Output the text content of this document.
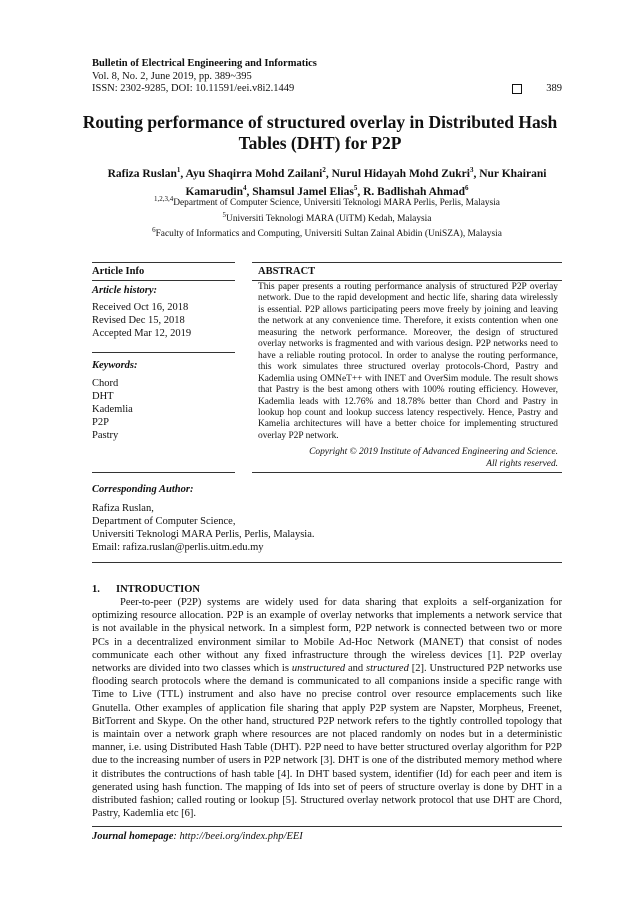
Bulletin of Electrical Engineering and Informatics
Vol. 8, No. 2, June 2019, pp. 389~395
ISSN: 2302-9285, DOI: 10.11591/eei.v8i2.1449	389
Routing performance of structured overlay in Distributed Hash
Tables (DHT) for P2P
Rafiza Ruslan$^1$, Ayu Shaqirra Mohd Zailani$^2$, Nurul Hidayah Mohd Zukri$^3$, Nur Khairani
Kamarudin$^4$, Shamsul Jamel Elias$^5$, R. Badlishah Ahmad$^6$
$^{1,2,3,4}$Department of Computer Science, Universiti Teknologi MARA Perlis, Perlis, Malaysia
$^5$Universiti Teknologi MARA (UiTM) Kedah, Malaysia
$^6$Faculty of Informatics and Computing, Universiti Sultan Zainal Abidin (UniSZA), Malaysia
Article Info	ABSTRACT
Article history:
Received Oct 16, 2018
Revised Dec 15, 2018
Accepted Mar 12, 2019
Keywords:
Chord
DHT
Kademlia
P2P
Pastry
This paper presents a routing performance analysis of structured P2P overlay network. Due to the rapid development and hectic life, sharing data wirelessly is essential. P2P allows participating peers move freely by joining and leaving the network at any convenience time. Therefore, it exists contention when one measuring the network performance. Moreover, the design of structured overlay networks is fragmented and with various design. P2P networks need to have a reliable routing protocol. In order to analyse the routing performance, this work simulates three structured overlay protocols-Chord, Pastry and Kademlia using OMNeT++ with INET and OverSim module. The result shows that Pastry is the best among others with 100% routing efficiency. However, Kademlia leads with 12.76% and 18.78% better than Chord and Pastry in lookup hop count and lookup success latency respectively. Hence, Pastry and Kamelia architectures will have a better choice for implementing structured overlay P2P network.
Copyright © 2019 Institute of Advanced Engineering and Science.
All rights reserved.
Corresponding Author:
Rafiza Ruslan,
Department of Computer Science,
Universiti Teknologi MARA Perlis, Perlis, Malaysia.
Email: rafiza.ruslan@perlis.uitm.edu.my
1. INTRODUCTION
Peer-to-peer (P2P) systems are widely used for data sharing that exploits a self-organization for optimizing resource allocation. P2P is an example of overlay networks that implements a network service that is not available in the physical network. In a simplest form, P2P network is connected between two or more PCs in a decentralized environment similar to Mobile Ad-Hoc Network (MANET) that consist of nodes communicate each other without any fixed infrastructure through the wireless devices [1]. P2P overlay networks are divided into two classes which is unstructured and structured [2]. Unstructured P2P networks use flooding search protocols where the demand is communicated to all companions inside a specific range with Time to Live (TTL) instrument and also have no precise control over resource emplacements such like Gnutella. Other examples of application file sharing that apply P2P system are Napster, Morpheus, Freenet, BitTorrent and Skype. On the other hand, structured P2P network refers to the tightly controlled topology that is maintain over a network graph where resources are not placed randomly on nodes but in a deterministic manner, i.e. using Distributed Hash Table (DHT). P2P need to have better structured overlay algorithm for P2P due to the increasing number of users in P2P network [3]. DHT is one of the distributed memory method where it distributes the contructions of hash table [4]. In DHT based system, identifier (Id) for each peer and item is generated using hash function. The mapping of Ids into set of peers of structure overlay is done by DHT in a distributed fashion; called routing or lookup [5]. Structured overlay network protocol that use DHT are Chord, Pastry, Kademlia etc [6].
Journal homepage: http://beei.org/index.php/EEI
